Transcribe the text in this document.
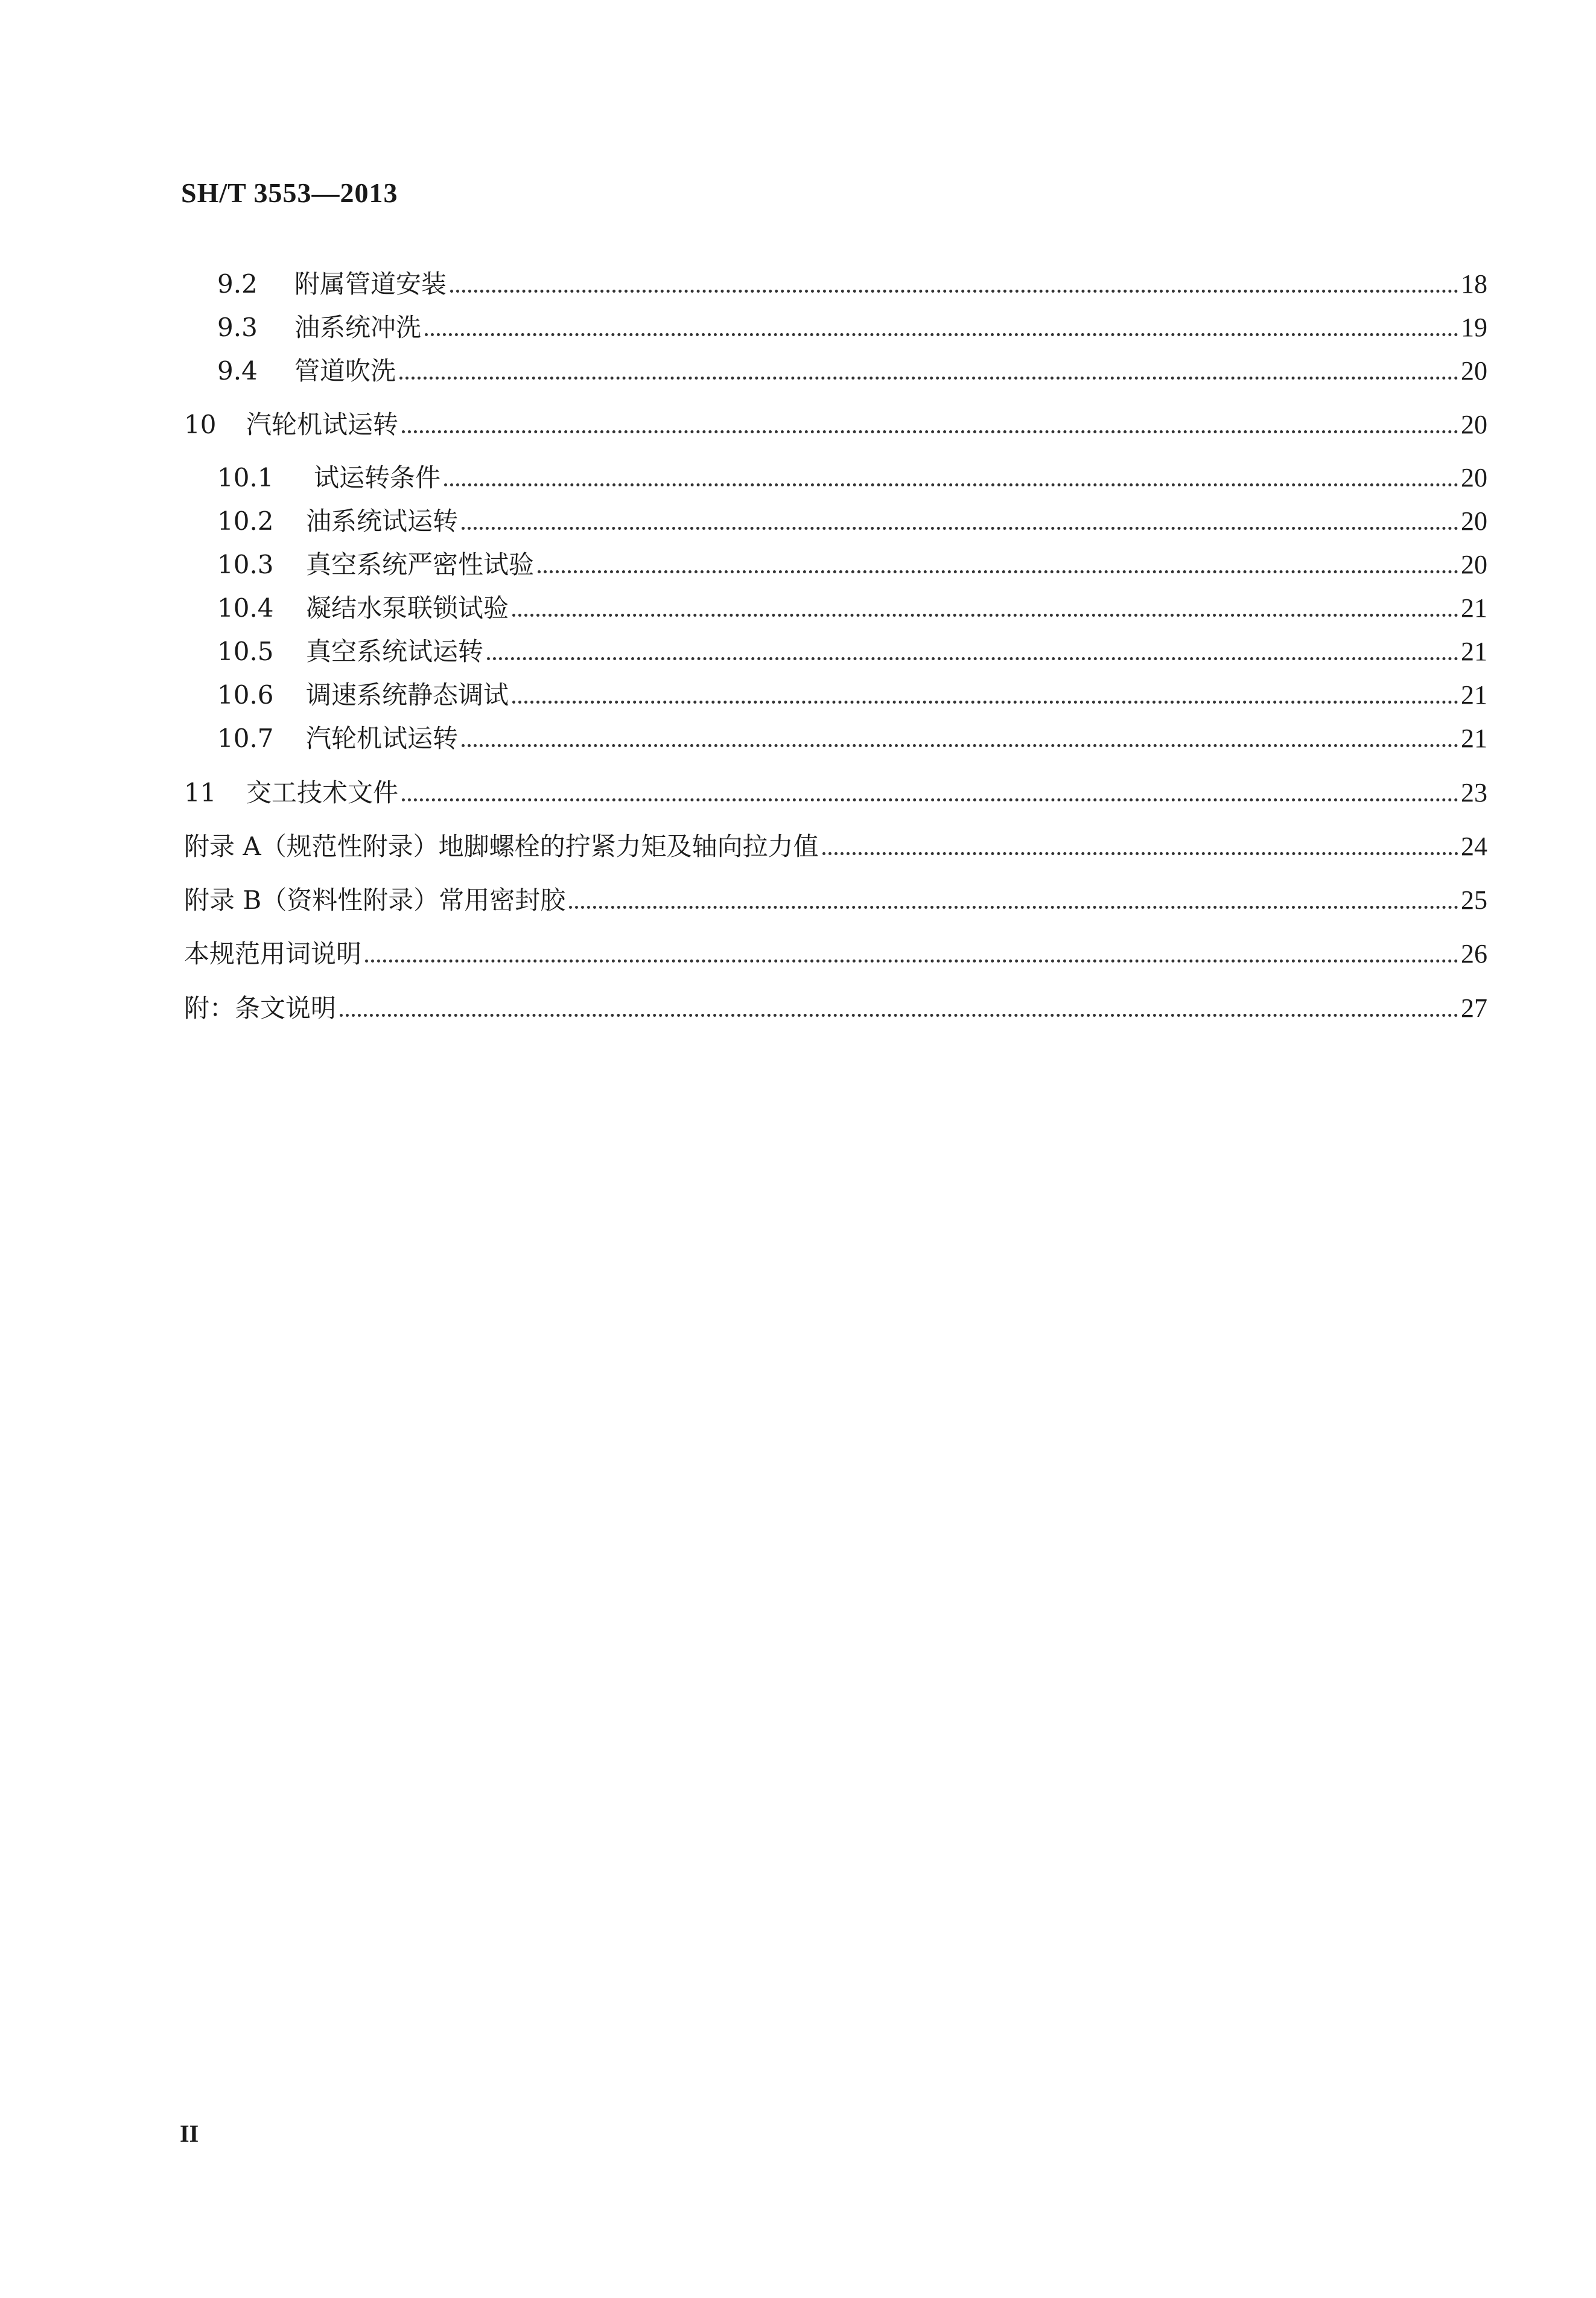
SH/T 3553—2013
9.2	附属管道安装	18
9.3	油系统冲洗	19
9.4	管道吹洗	20
10	汽轮机试运转	20
10.1	试运转条件	20
10.2	油系统试运转	20
10.3	真空系统严密性试验	20
10.4	凝结水泵联锁试验	21
10.5	真空系统试运转	21
10.6	调速系统静态调试	21
10.7	汽轮机试运转	21
11	交工技术文件	23
附录 A（规范性附录）地脚螺栓的拧紧力矩及轴向拉力值	24
附录 B（资料性附录）常用密封胶	25
本规范用词说明	26
附：条文说明	27
II
